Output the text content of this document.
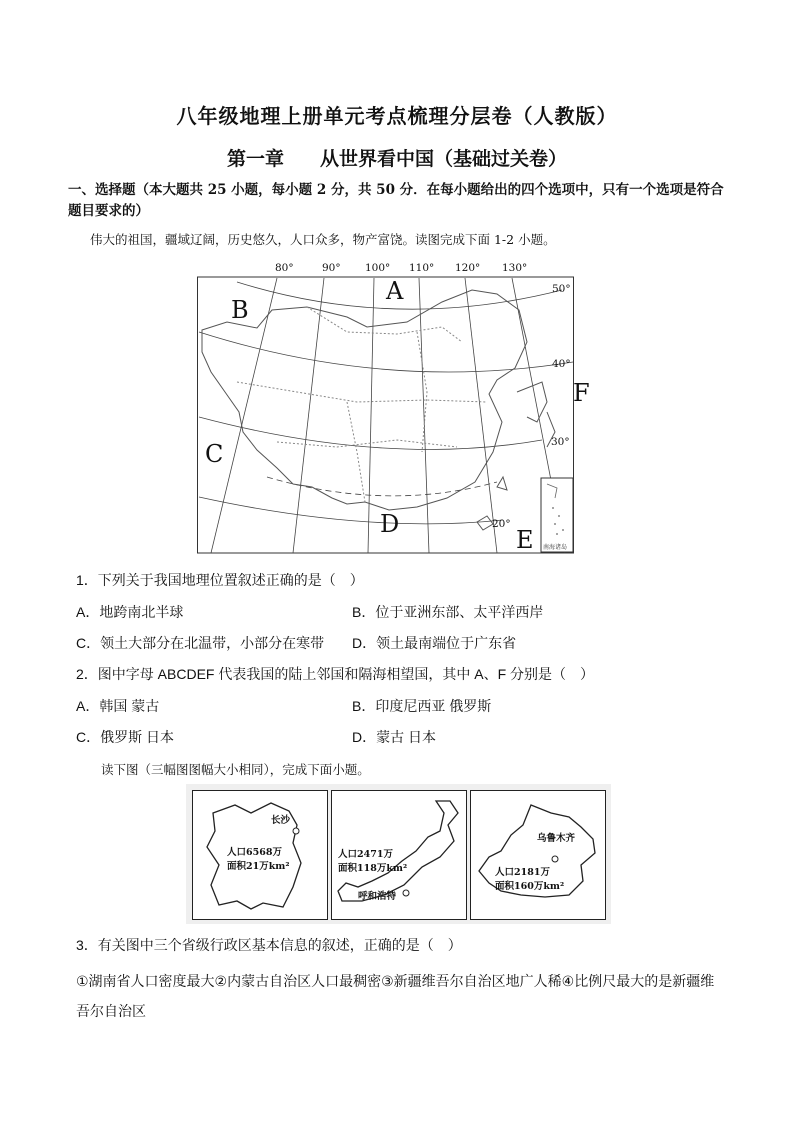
八年级地理上册单元考点梳理分层卷（人教版）
第一章 从世界看中国（基础过关卷）
一、选择题（本大题共 25 小题，每小题 2 分，共 50 分．在每小题给出的四个选项中，只有一个选项是符合题目要求的）
伟大的祖国，疆域辽阔，历史悠久，人口众多，物产富饶。读图完成下面 1-2 小题。
南海诸岛
80°	90° 100° 110° 120° 130°
50°
40°
30°
20°
A
B
C
D
E
F
1．下列关于我国地理位置叙述正确的是（　）
A．地跨南北半球	B．位于亚洲东部、太平洋西岸
C．领土大部分在北温带，小部分在寒带 D．领土最南端位于广东省
2．图中字母 ABCDEF 代表我国的陆上邻国和隔海相望国，其中 A、F 分别是（　）
A．韩国 蒙古	B．印度尼西亚 俄罗斯
C．俄罗斯 日本	D．蒙古 日本
读下图（三幅图图幅大小相同），完成下面小题。
长沙
人口6568万
面积21万km²
人口2471万
面积118万km²
呼和浩特
乌鲁木齐
人口2181万
面积160万km²
3．有关图中三个省级行政区基本信息的叙述，正确的是（　）
①湖南省人口密度最大②内蒙古自治区人口最稠密③新疆维吾尔自治区地广人稀④比例尺最大的是新疆维吾尔自治区
